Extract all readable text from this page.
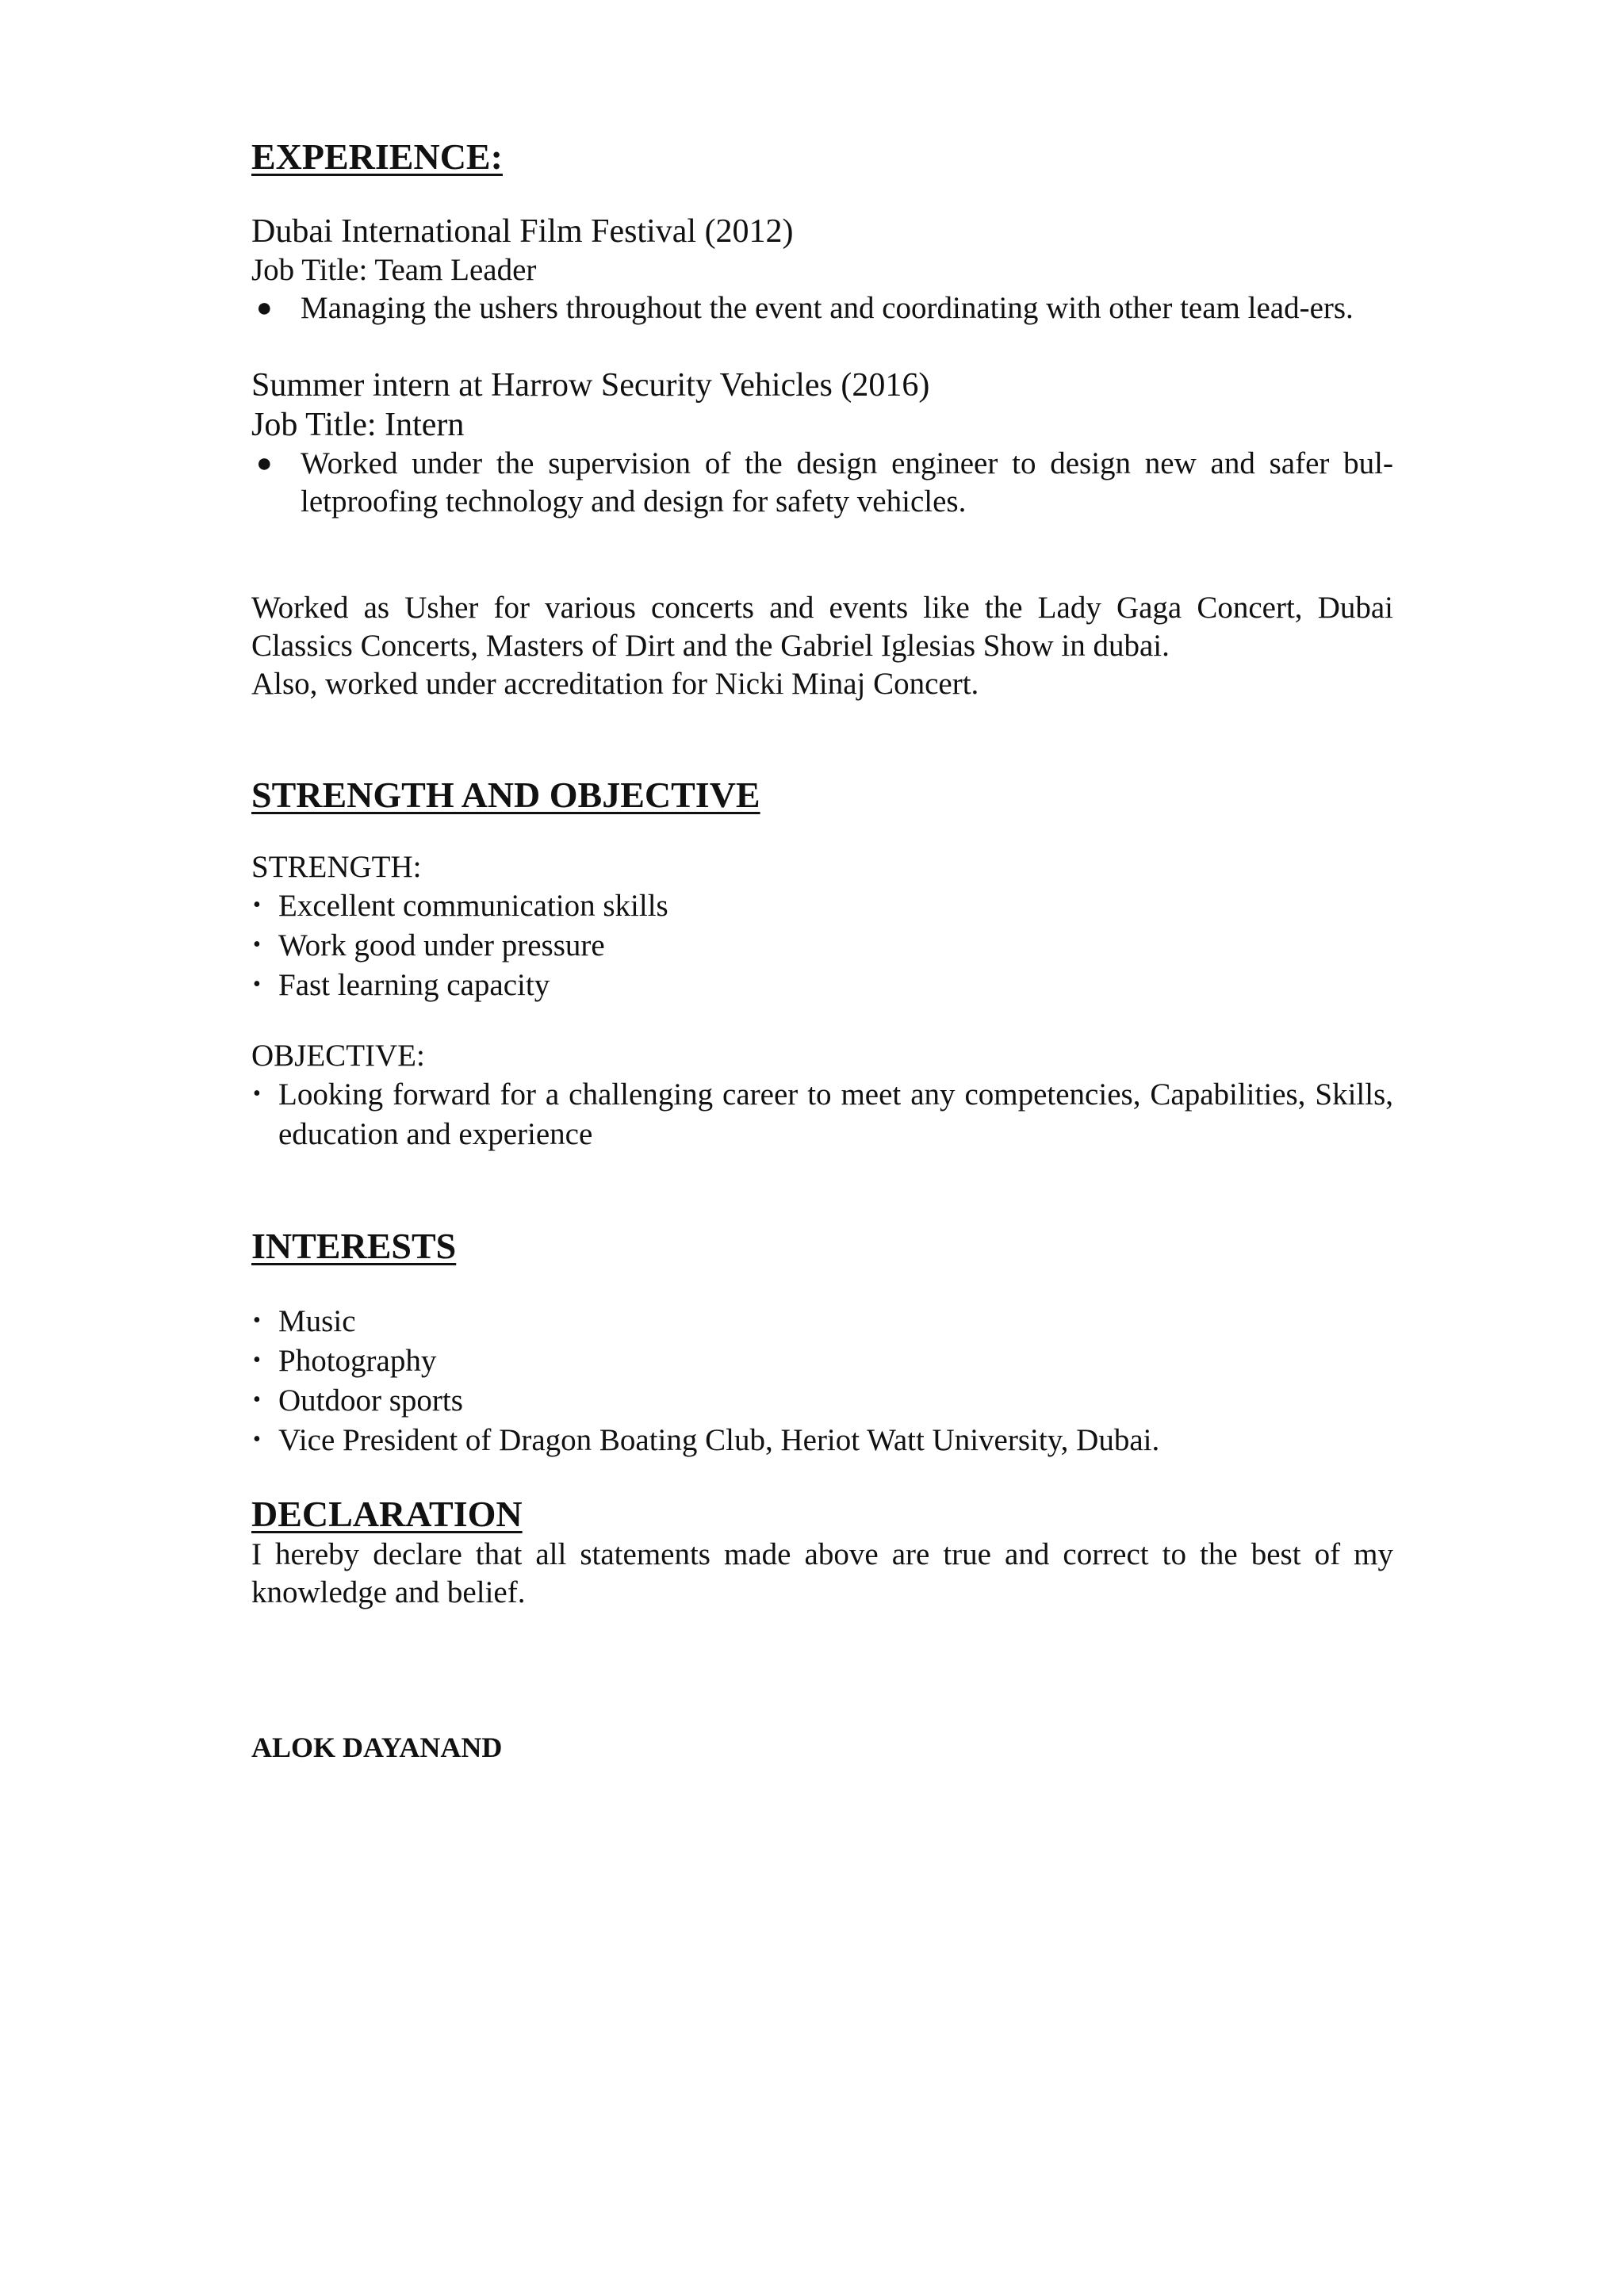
EXPERIENCE:

Dubai International Film Festival (2012)

Job Title: Team Leader

● Managing the ushers throughout the event and coordinating with other team lead-ers.

Summer intern at Harrow Security Vehicles (2016)

Job Title: Intern

● Worked under the supervision of the design engineer to design new and safer bul-letproofing technology and design for safety vehicles.

Worked as Usher for various concerts and events like the Lady Gaga Concert, Dubai Classics Concerts, Masters of Dirt and the Gabriel Iglesias Show in dubai.

Also, worked under accreditation for Nicki Minaj Concert.

STRENGTH AND OBJECTIVE

STRENGTH:

• Excellent communication skills
• Work good under pressure
• Fast learning capacity

OBJECTIVE:

• Looking forward for a challenging career to meet any competencies, Capabilities, Skills, education and experience
INTERESTS
• Music
• Photography
• Outdoor sports
• Vice President of Dragon Boating Club, Heriot Watt University, Dubai.
DECLARATION

I hereby declare that all statements made above are true and correct to the best of my knowledge and belief.

ALOK DAYANAND
